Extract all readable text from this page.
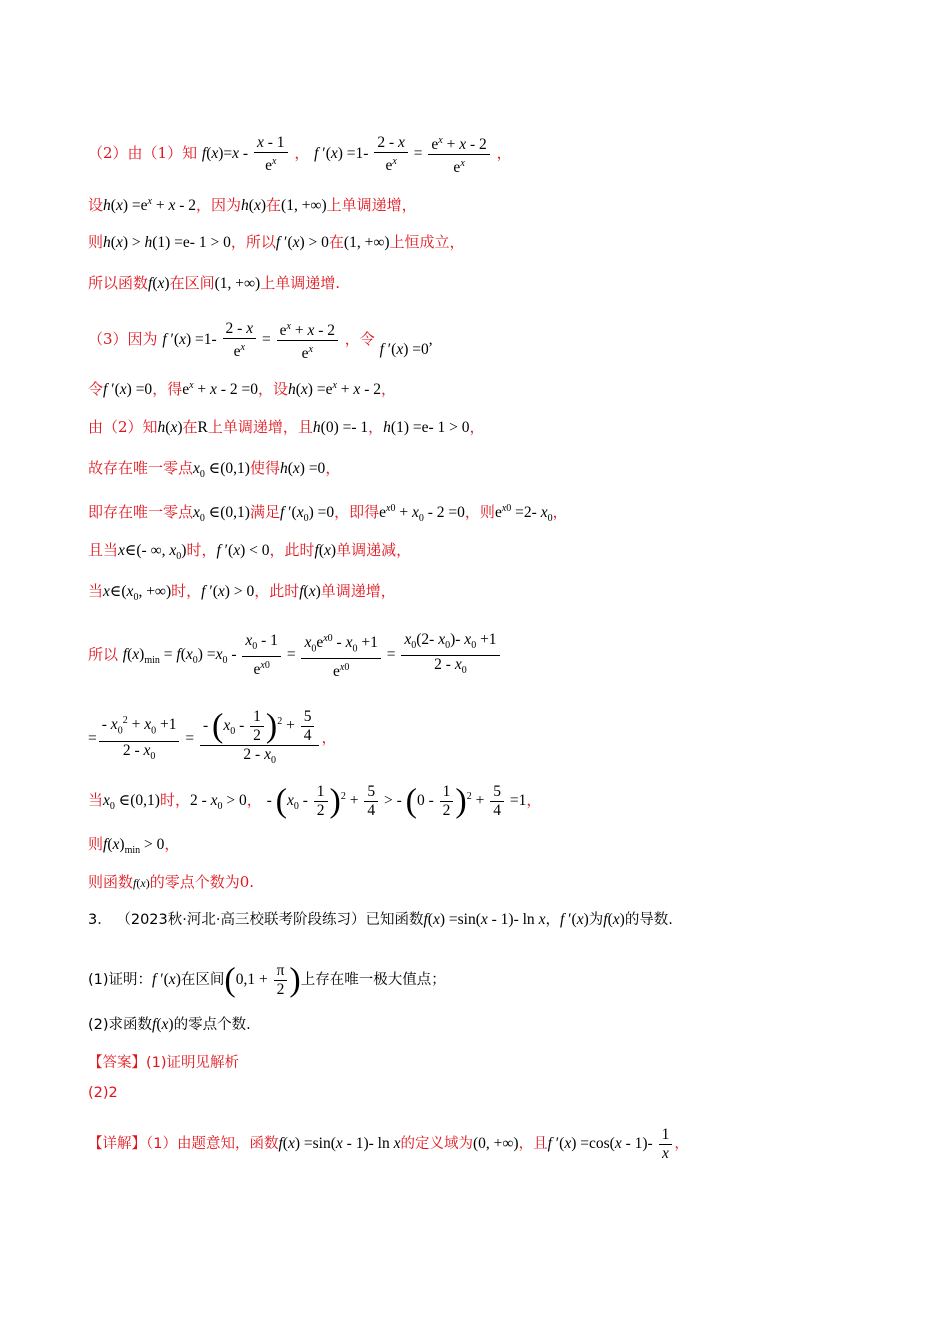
（2）由（1）知 $f(x)=x - \frac{x - 1}{e^x}$ ， f $'(x) =1- \frac{2 - x}{e^x} = \frac{e^x + x - 2}{e^x}$ ，
设$h(x) =e^x + x - 2$，因为h(x)在(1, +∞)上单调递增，
则h(x) > h(1) =e- 1 > 0，所以f ′(x) > 0在(1, +∞)上恒成立，
所以函数f(x)在区间(1, +∞)上单调递增.
（3）因为 f $'(x) =1- \frac{2 - x}{e^x} = \frac{e^x + x - 2}{e^x}$ ，令 f ′(x) =0,
令f ′(x) =0，得$e^x + x - 2 =0$，设$h(x) =e^x + x - 2$，
由（2）知h(x)在R上单调递增，且h(0) =- 1，h(1) =e- 1 > 0，
故存在唯一零点$x_0$ ∈(0,1)使得h(x) =0，
即存在唯一零点$x_0$ ∈(0,1)满足f $'(x_0) =0$，即得$e^{x0} + x_0 - 2 =0$，则$e^{x0} =2-$ $x_0$，
且当x∈(- ∞, $x_0$)时，f ′(x) < 0，此时f(x)单调递减，
当$x\in(x_0$, +∞)时，f ′(x) > 0，此时f(x)单调递增，
所以 $f(x)_{min} = f(x_0) =x_0 - \frac{x_0 - 1}{e^{x0}} = \frac{x_0e^{x0} - x_0 +1}{e^{x0}} = \frac{x_0(2- x_0)- x_0 +1}{2 - x_0}$
= $\frac{- x_0^2 + x_0 +1}{2 - x_0} = \frac{- (x_0 - \frac{1}{2} )^2 + \frac{5}{4}}{2 - x_0}$ ，
当$x_0$ ∈(0,1)时，$2 - x_0 > 0$， - $(x_0 - \frac{1}{2} )^2 + \frac{5}{4}$ > - $(0 - \frac{1}{2} )^2 + \frac{5}{4} =1$，
则$f(x)_{min} > 0$，
则函数f(x)的零点个数为0.
3． （2023秋·河北·高三校联考阶段练习）已知函数f(x) =sin(x - 1)- ln x，f ′(x)为f(x)的导数.
(1)证明：f ′(x)在区间($0,1 + \frac{\pi}{2}$ )上存在唯一极大值点；
(2)求函数f(x)的零点个数.
【答案】(1)证明见解析
(2)2
【详解】（1）由题意知，函数f(x) =sin(x - 1)- ln x的定义域为(0, +∞)，且f $'(x) =\cos(x - 1)- \frac{1}{x}$ ，
